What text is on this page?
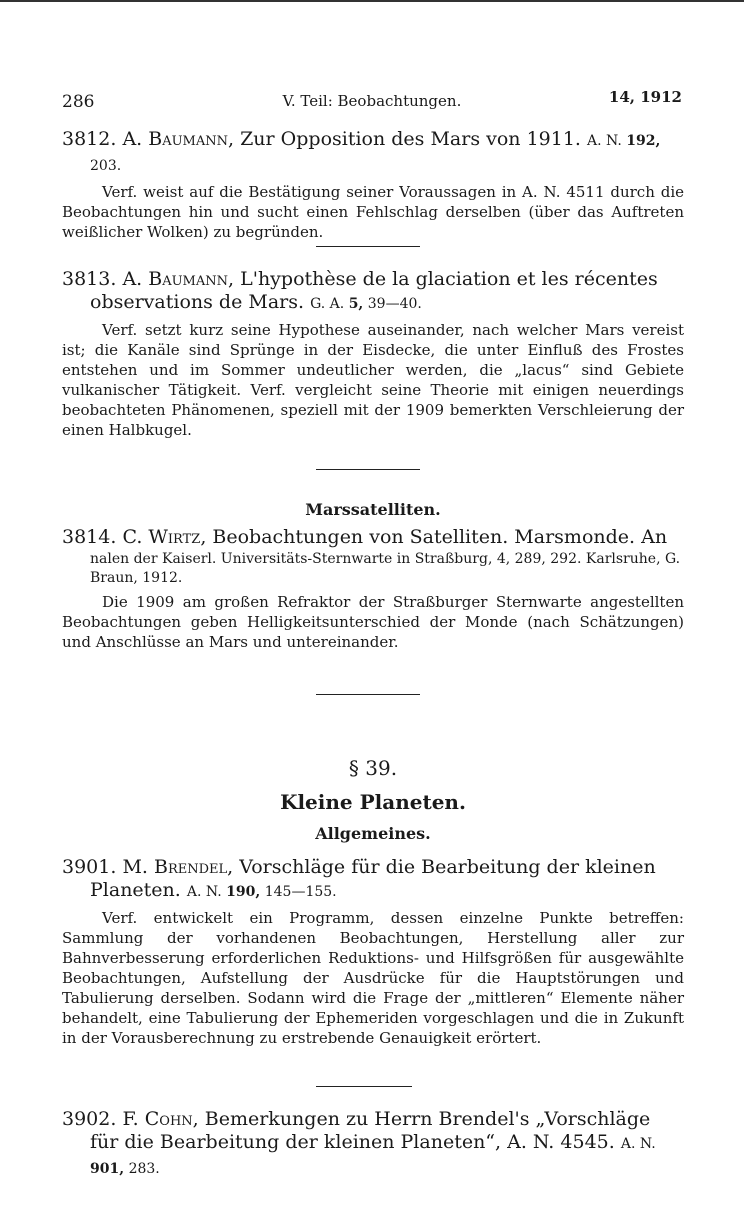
286	V. Teil: Beobachtungen.	14, 1912
3812. A. Baumann, Zur Opposition des Mars von 1911. A. N. 192, 203.
Verf. weist auf die Bestätigung seiner Voraussagen in A. N. 4511 durch die Beobachtungen hin und sucht einen Fehlschlag derselben (über das Auftreten weißlicher Wolken) zu begründen.
3813. A. Baumann, L'hypothèse de la glaciation et les récentes observations de Mars. G. A. 5, 39—40.
Verf. setzt kurz seine Hypothese auseinander, nach welcher Mars vereist ist; die Kanäle sind Sprünge in der Eisdecke, die unter Einfluß des Frostes entstehen und im Sommer undeutlicher werden, die „lacus“ sind Gebiete vulkanischer Tätigkeit. Verf. vergleicht seine Theorie mit einigen neuerdings beobachteten Phänomenen, speziell mit der 1909 bemerkten Verschleierung der einen Halbkugel.
Marssatelliten.
3814. C. Wirtz, Beobachtungen von Satelliten. Marsmonde. An
nalen der Kaiserl. Universitäts-Sternwarte in Straßburg, 4, 289, 292. Karlsruhe, G. Braun, 1912.
Die 1909 am großen Refraktor der Straßburger Sternwarte angestellten Beobachtungen geben Helligkeitsunterschied der Monde (nach Schätzungen) und Anschlüsse an Mars und untereinander.
§ 39.
Kleine Planeten.
Allgemeines.
3901. M. Brendel, Vorschläge für die Bearbeitung der kleinen Planeten. A. N. 190, 145—155.
Verf. entwickelt ein Programm, dessen einzelne Punkte betreffen: Sammlung der vorhandenen Beobachtungen, Herstellung aller zur Bahnverbesserung erforderlichen Reduktions- und Hilfsgrößen für ausgewählte Beobachtungen, Aufstellung der Ausdrücke für die Hauptstörungen und Tabulierung derselben. Sodann wird die Frage der „mittleren“ Elemente näher behandelt, eine Tabulierung der Ephemeriden vorgeschlagen und die in Zukunft in der Vorausberechnung zu erstrebende Genauigkeit erörtert.
3902. F. Cohn, Bemerkungen zu Herrn Brendel's „Vorschläge für die Bearbeitung der kleinen Planeten“, A. N. 4545. A. N. 901, 283.
